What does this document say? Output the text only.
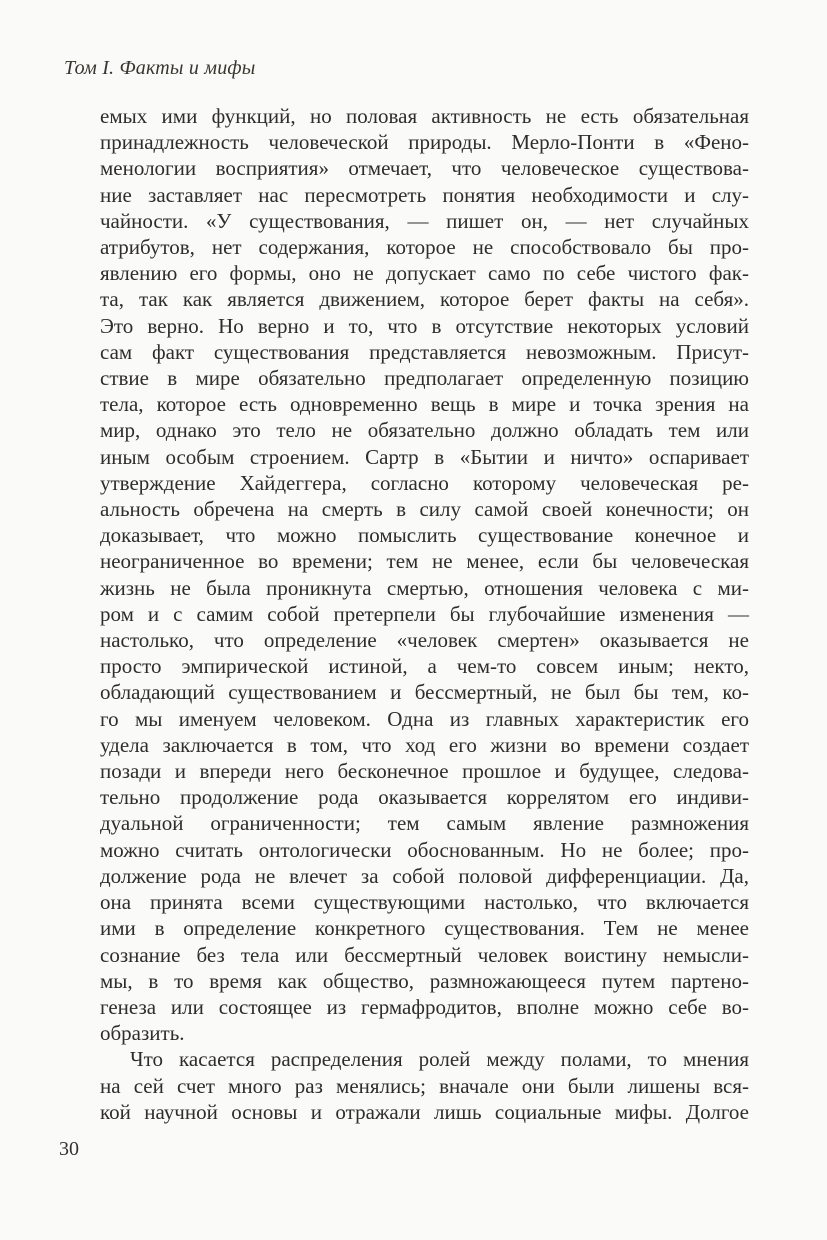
Том I. Факты и мифы
емых ими функций, но половая активность не есть обязательная
принадлежность человеческой природы. Мерло-Понти в «Фено-
менологии восприятия» отмечает, что человеческое существова-
ние заставляет нас пересмотреть понятия необходимости и слу-
чайности. «У существования, — пишет он, — нет случайных
атрибутов, нет содержания, которое не способствовало бы про-
явлению его формы, оно не допускает само по себе чистого фак-
та, так как является движением, которое берет факты на себя».
Это верно. Но верно и то, что в отсутствие некоторых условий
сам факт существования представляется невозможным. Присут-
ствие в мире обязательно предполагает определенную позицию
тела, которое есть одновременно вещь в мире и точка зрения на
мир, однако это тело не обязательно должно обладать тем или
иным особым строением. Сартр в «Бытии и ничто» оспаривает
утверждение Хайдеггера, согласно которому человеческая ре-
альность обречена на смерть в силу самой своей конечности; он
доказывает, что можно помыслить существование конечное и
неограниченное во времени; тем не менее, если бы человеческая
жизнь не была проникнута смертью, отношения человека с ми-
ром и с самим собой претерпели бы глубочайшие изменения —
настолько, что определение «человек смертен» оказывается не
просто эмпирической истиной, а чем-то совсем иным; некто,
обладающий существованием и бессмертный, не был бы тем, ко-
го мы именуем человеком. Одна из главных характеристик его
удела заключается в том, что ход его жизни во времени создает
позади и впереди него бесконечное прошлое и будущее, следова-
тельно продолжение рода оказывается коррелятом его индиви-
дуальной ограниченности; тем самым явление размножения
можно считать онтологически обоснованным. Но не более; про-
должение рода не влечет за собой половой дифференциации. Да,
она принята всеми существующими настолько, что включается
ими в определение конкретного существования. Тем не менее
сознание без тела или бессмертный человек воистину немысли-
мы, в то время как общество, размножающееся путем партено-
генеза или состоящее из гермафродитов, вполне можно себе во-
образить.
Что касается распределения ролей между полами, то мнения
на сей счет много раз менялись; вначале они были лишены вся-
кой научной основы и отражали лишь социальные мифы. Долгое
30
